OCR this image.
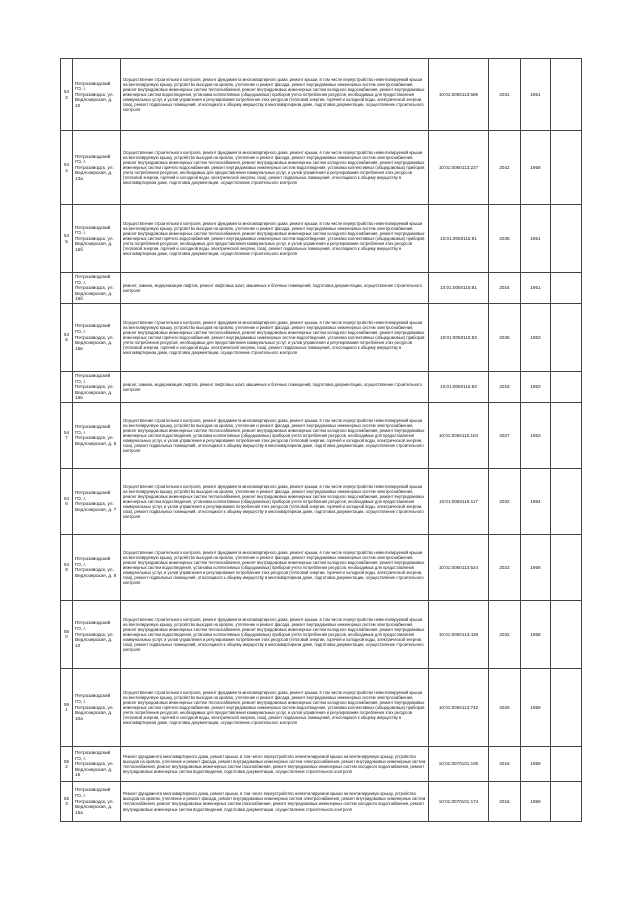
543	Петрозаводский ГО, г. Петрозаводск, ул. Ведлозерская, д. 10	Осуществление строительного контроля, ремонт фундамента многоквартирного дома, ремонт крыши, в том числе переустройство невентилируемой крыши на вентилируемую крышу, устройство выходов на кровлю, утепление и ремонт фасада, ремонт внутридомовых инженерных систем электроснабжения, ремонт внутридомовых инженерных систем теплоснабжения, ремонт внутридомовых инженерных систем холодного водоснабжения, ремонт внутридомовых инженерных систем водоотведения, установка коллективных (общедомовых) приборов учета потребления ресурсов, необходимых для предоставления коммунальных услуг, и узлов управления и регулирования потребления этих ресурсов (тепловой энергии, горячей и холодной воды, электрической энергии, газа), ремонт подвальных помещений, относящихся к общему имуществу в многоквартирном доме, подготовка документации, осуществление строительного контроля	10:01:0050113:586	2031	1951	
544	Петрозаводский ГО, г. Петрозаводск, ул. Ведлозерская, д. 13а	Осуществление строительного контроля, ремонт фундамента многоквартирного дома, ремонт крыши, в том числе переустройство невентилируемой крыши на вентилируемую крышу, устройство выходов на кровлю, утепление и ремонт фасада, ремонт внутридомовых инженерных систем электроснабжения, ремонт внутридомовых инженерных систем теплоснабжения, ремонт внутридомовых инженерных систем холодного водоснабжения, ремонт внутридомовых инженерных систем горячего водоснабжения, ремонт внутридомовых инженерных систем водоотведения, установка коллективных (общедомовых) приборов учета потребления ресурсов, необходимых для предоставления коммунальных услуг, и узлов управления и регулирования потребления этих ресурсов (тепловой энергии, горячей и холодной воды, электрической энергии, газа), ремонт подвальных помещений, относящихся к общему имуществу в многоквартирном доме, подготовка документации, осуществление строительного контроля	10:01:0050113:227	2042	1958	
545	Петрозаводский ГО, г. Петрозаводск, ул. Ведлозерская, д. 16б	Осуществление строительного контроля, ремонт фундамента многоквартирного дома, ремонт крыши, в том числе переустройство невентилируемой крыши на вентилируемую крышу, устройство выходов на кровлю, утепление и ремонт фасада, ремонт внутридомовых инженерных систем электроснабжения, ремонт внутридомовых инженерных систем теплоснабжения, ремонт внутридомовых инженерных систем холодного водоснабжения, ремонт внутридомовых инженерных систем горячего водоснабжения, ремонт внутридомовых инженерных систем водоотведения, установка коллективных (общедомовых) приборов учета потребления ресурсов, необходимых для предоставления коммунальных услуг, и узлов управления и регулирования потребления этих ресурсов (тепловой энергии, горячей и холодной воды, электрической энергии, газа), ремонт подвальных помещений, относящихся к общему имуществу в многоквартирном доме, подготовка документации, осуществление строительного контроля	10:01:0050115:81	2035	1951	
	Петрозаводский ГО, г. Петрозаводск, ул. Ведлозерская, д. 16б	ремонт, замена, модернизация лифтов, ремонт лифтовых шахт, машинных и блочных помещений, подготовка документации, осуществление строительного контроля	10:01:0050115:81	2016	1951	
546	Петрозаводский ГО, г. Петрозаводск, ул. Ведлозерская, д. 16в	Осуществление строительного контроля, ремонт фундамента многоквартирного дома, ремонт крыши, в том числе переустройство невентилируемой крыши на вентилируемую крышу, устройство выходов на кровлю, утепление и ремонт фасада, ремонт внутридомовых инженерных систем электроснабжения, ремонт внутридомовых инженерных систем теплоснабжения, ремонт внутридомовых инженерных систем холодного водоснабжения, ремонт внутридомовых инженерных систем горячего водоснабжения, ремонт внутридомовых инженерных систем водоотведения, установка коллективных (общедомовых) приборов учета потребления ресурсов, необходимых для предоставления коммунальных услуг, и узлов управления и регулирования потребления этих ресурсов (тепловой энергии, горячей и холодной воды, электрической энергии, газа), ремонт подвальных помещений, относящихся к общему имуществу в многоквартирном доме, подготовка документации, осуществление строительного контроля	10:01:0050115:83	2036	1953	
	Петрозаводский ГО, г. Петрозаводск, ул. Ведлозерская, д. 16в	ремонт, замена, модернизация лифтов, ремонт лифтовых шахт, машинных и блочных помещений, подготовка документации, осуществление строительного контроля	10:01:0050115:83	2019	1953	
547	Петрозаводский ГО, г. Петрозаводск, ул. Ведлозерская, д. 5	Осуществление строительного контроля, ремонт фундамента многоквартирного дома, ремонт крыши, в том числе переустройство невентилируемой крыши на вентилируемую крышу, устройство выходов на кровлю, утепление и ремонт фасада, ремонт внутридомовых инженерных систем электроснабжения, ремонт внутридомовых инженерных систем теплоснабжения, ремонт внутридомовых инженерных систем холодного водоснабжения, ремонт внутридомовых инженерных систем водоотведения, установка коллективных (общедомовых) приборов учета потребления ресурсов, необходимых для предоставления коммунальных услуг, и узлов управления и регулирования потребления этих ресурсов (тепловой энергии, горячей и холодной воды, электрической энергии, газа), ремонт подвальных помещений, относящихся к общему имуществу в многоквартирном доме, подготовка документации, осуществление строительного контроля	10:01:0050116:104	2027	1953	
548	Петрозаводский ГО, г. Петрозаводск, ул. Ведлозерская, д. 7	Осуществление строительного контроля, ремонт фундамента многоквартирного дома, ремонт крыши, в том числе переустройство невентилируемой крыши на вентилируемую крышу, устройство выходов на кровлю, утепление и ремонт фасада, ремонт внутридомовых инженерных систем электроснабжения, ремонт внутридомовых инженерных систем теплоснабжения, ремонт внутридомовых инженерных систем холодного водоснабжения, ремонт внутридомовых инженерных систем водоотведения, установка коллективных (общедомовых) приборов учета потребления ресурсов, необходимых для предоставления коммунальных услуг, и узлов управления и регулирования потребления этих ресурсов (тепловой энергии, горячей и холодной воды, электрической энергии, газа), ремонт подвальных помещений, относящихся к общему имуществу в многоквартирном доме, подготовка документации, осуществление строительного контроля	10:01:0050116:117	2032	1954	
549	Петрозаводский ГО, г. Петрозаводск, ул. Ведлозерская, д. 8	Осуществление строительного контроля, ремонт фундамента многоквартирного дома, ремонт крыши, в том числе переустройство невентилируемой крыши на вентилируемую крышу, устройство выходов на кровлю, утепление и ремонт фасада, ремонт внутридомовых инженерных систем электроснабжения, ремонт внутридомовых инженерных систем теплоснабжения, ремонт внутридомовых инженерных систем холодного водоснабжения, ремонт внутридомовых инженерных систем водоотведения, установка коллективных (общедомовых) приборов учета потребления ресурсов, необходимых для предоставления коммунальных услуг, и узлов управления и регулирования потребления этих ресурсов (тепловой энергии, горячей и холодной воды, электрической энергии, газа), ремонт подвальных помещений, относящихся к общему имуществу в многоквартирном доме, подготовка документации, осуществление строительного контроля	10:01:0050113:524	2023	1956	
550	Петрозаводский ГО, г. Петрозаводск, ул. Ведлозерская, д. 10	Осуществление строительного контроля, ремонт фундамента многоквартирного дома, ремонт крыши, в том числе переустройство невентилируемой крыши на вентилируемую крышу, устройство выходов на кровлю, утепление и ремонт фасада, ремонт внутридомовых инженерных систем электроснабжения, ремонт внутридомовых инженерных систем теплоснабжения, ремонт внутридомовых инженерных систем холодного водоснабжения, ремонт внутридомовых инженерных систем водоотведения, установка коллективных (общедомовых) приборов учета потребления ресурсов, необходимых для предоставления коммунальных услуг, и узлов управления и регулирования потребления этих ресурсов (тепловой энергии, горячей и холодной воды, электрической энергии, газа), ремонт подвальных помещений, относящихся к общему имуществу в многоквартирном доме, подготовка документации, осуществление строительного контроля	10:01:0050113:428	2032	1958	
551	Петрозаводский ГО, г. Петрозаводск, ул. Ведлозерская, д. 10а	Осуществление строительного контроля, ремонт фундамента многоквартирного дома, ремонт крыши, в том числе переустройство невентилируемой крыши на вентилируемую крышу, устройство выходов на кровлю, утепление и ремонт фасада, ремонт внутридомовых инженерных систем электроснабжения, ремонт внутридомовых инженерных систем теплоснабжения, ремонт внутридомовых инженерных систем холодного водоснабжения, ремонт внутридомовых инженерных систем горячего водоснабжения, ремонт внутридомовых инженерных систем водоотведения, установка коллективных (общедомовых) приборов учета потребления ресурсов, необходимых для предоставления коммунальных услуг, и узлов управления и регулирования потребления этих ресурсов (тепловой энергии, горячей и холодной воды, электрической энергии, газа), ремонт подвальных помещений, относящихся к общему имуществу в многоквартирном доме, подготовка документации, осуществление строительного контроля	10:01:0050113:742	2028	1959	
552	Петрозаводский ГО, г. Петрозаводск, ул. Ведлозерская, д. 15	Ремонт фундамента многоквартирного дома, ремонт крыши, в том числе переустройство невентилируемой крыши на вентилируемую крышу, устройство выходов на кровлю, утепление и ремонт фасада, ремонт внутридомовых инженерных систем электроснабжения, ремонт внутридомовых инженерных систем теплоснабжения, ремонт внутридомовых инженерных систем газоснабжения, ремонт внутридомовых инженерных систем холодного водоснабжения, ремонт внутридомовых инженерных систем водоотведения, подготовка документации, осуществление строительного контроля	10:01:0070101:190	2016	1959	
553	Петрозаводский ГО, г. Петрозаводск, ул. Ведлозерская, д. 15а	Ремонт фундамента многоквартирного дома, ремонт крыши, в том числе переустройство невентилируемой крыши на вентилируемую крышу, устройство выходов на кровлю, утепление и ремонт фасада, ремонт внутридомовых инженерных систем электроснабжения, ремонт внутридомовых инженерных систем теплоснабжения, ремонт внутридомовых инженерных систем газоснабжения, ремонт внутридомовых инженерных систем холодного водоснабжения, ремонт внутридомовых инженерных систем водоотведения, подготовка документации, осуществление строительного контроля	10:01:0070101:174	2016	1959	
